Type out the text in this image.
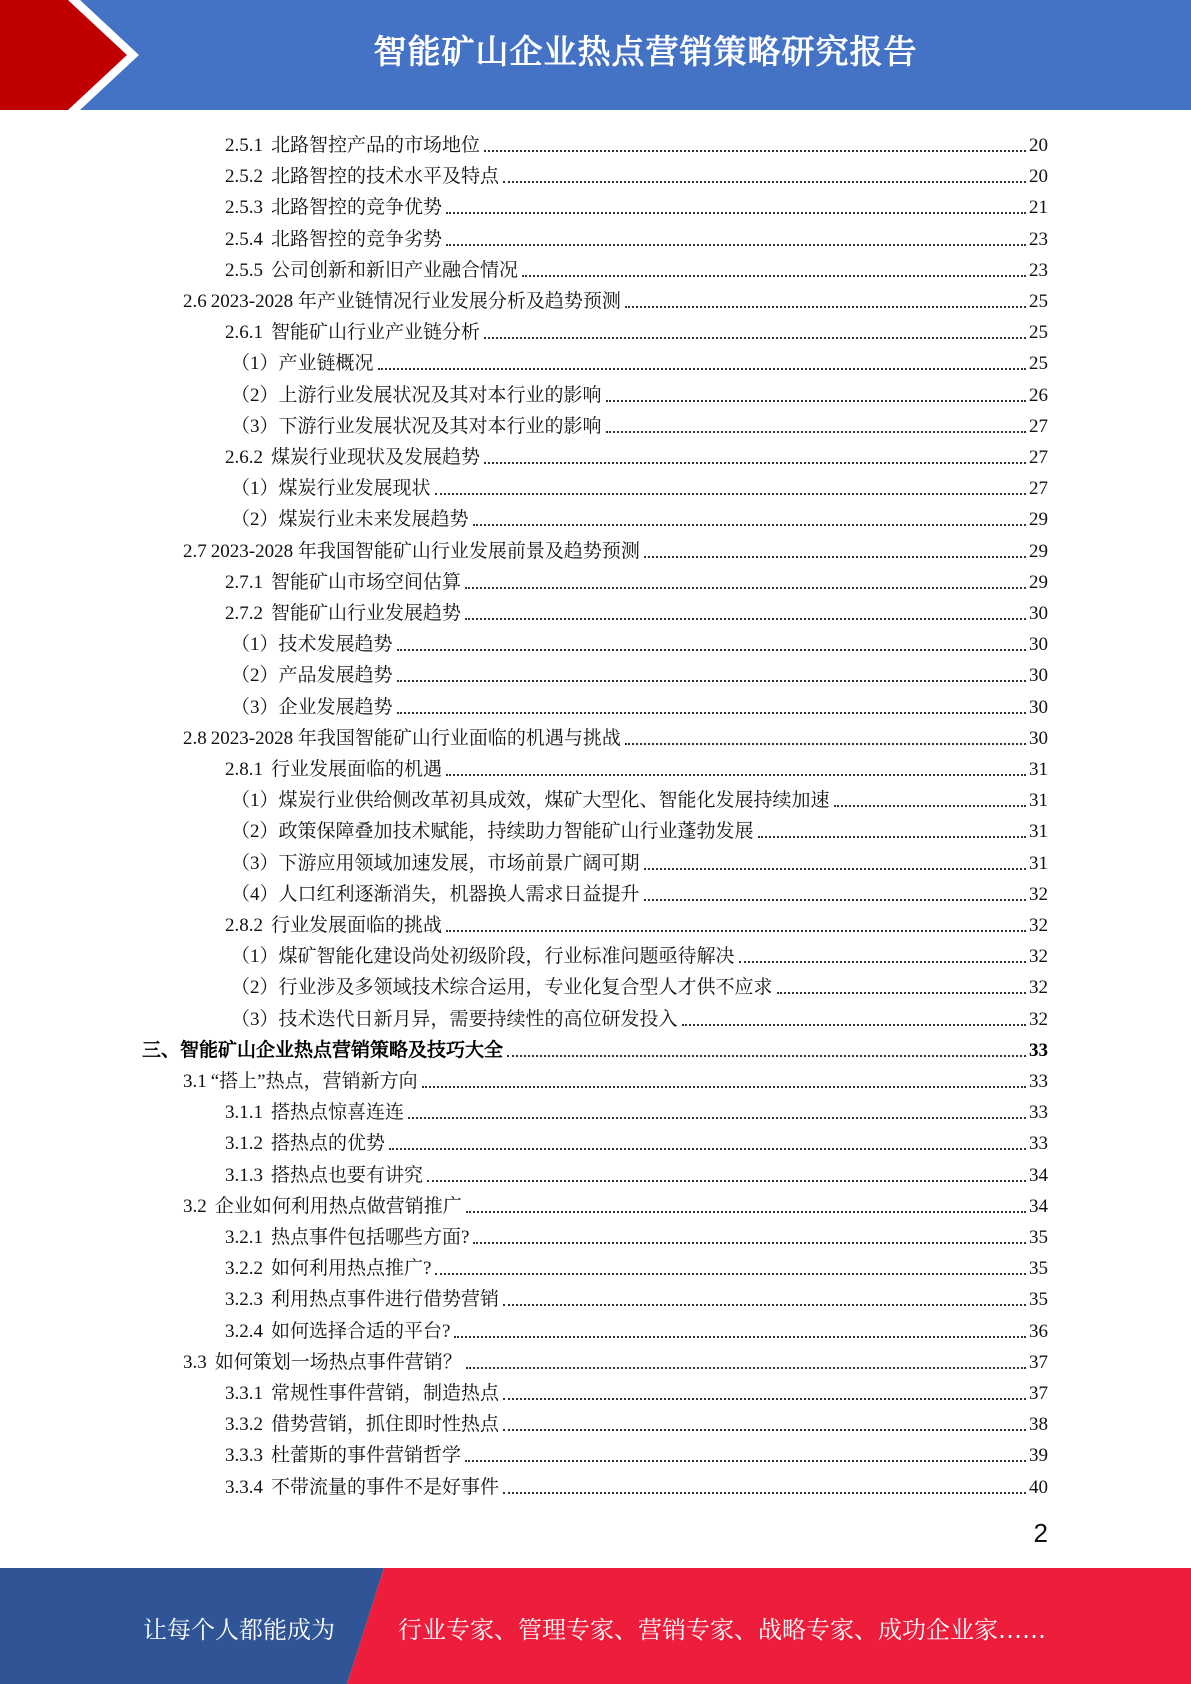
智能矿山企业热点营销策略研究报告
2.5.1 北路智控产品的市场地位	20
2.5.2 北路智控的技术水平及特点	20
2.5.3 北路智控的竞争优势	21
2.5.4 北路智控的竞争劣势	23
2.5.5 公司创新和新旧产业融合情况	23
2.6 2023-2028 年产业链情况行业发展分析及趋势预测	25
2.6.1 智能矿山行业产业链分析	25
（1） 产业链概况	25
（2） 上游行业发展状况及其对本行业的影响	26
（3） 下游行业发展状况及其对本行业的影响	27
2.6.2 煤炭行业现状及发展趋势	27
（1） 煤炭行业发展现状	27
（2） 煤炭行业未来发展趋势	29
2.7 2023-2028 年我国智能矿山行业发展前景及趋势预测	29
2.7.1 智能矿山市场空间估算	29
2.7.2 智能矿山行业发展趋势	30
（1） 技术发展趋势	30
（2） 产品发展趋势	30
（3） 企业发展趋势	30
2.8 2023-2028 年我国智能矿山行业面临的机遇与挑战	30
2.8.1 行业发展面临的机遇	31
（1） 煤炭行业供给侧改革初具成效，煤矿大型化、智能化发展持续加速	31
（2） 政策保障叠加技术赋能，持续助力智能矿山行业蓬勃发展	31
（3） 下游应用领域加速发展，市场前景广阔可期	31
（4） 人口红利逐渐消失，机器换人需求日益提升	32
2.8.2 行业发展面临的挑战	32
（1） 煤矿智能化建设尚处初级阶段，行业标准问题亟待解决	32
（2） 行业涉及多领域技术综合运用，专业化复合型人才供不应求	32
（3） 技术迭代日新月异，需要持续性的高位研发投入	32
三、 智能矿山企业热点营销策略及技巧大全	33
3.1 “搭上”热点，营销新方向	33
3.1.1 搭热点惊喜连连	33
3.1.2 搭热点的优势	33
3.1.3 搭热点也要有讲究	34
3.2 企业如何利用热点做营销推广	34
3.2.1 热点事件包括哪些方面?	35
3.2.2 如何利用热点推广?	35
3.2.3 利用热点事件进行借势营销	35
3.2.4 如何选择合适的平台?	36
3.3 如何策划一场热点事件营销？	37
3.3.1 常规性事件营销，制造热点	37
3.3.2 借势营销，抓住即时性热点	38
3.3.3 杜蕾斯的事件营销哲学	39
3.3.4 不带流量的事件不是好事件	40
2
让每个人都能成为	行业专家、管理专家、营销专家、战略专家、成功企业家……
